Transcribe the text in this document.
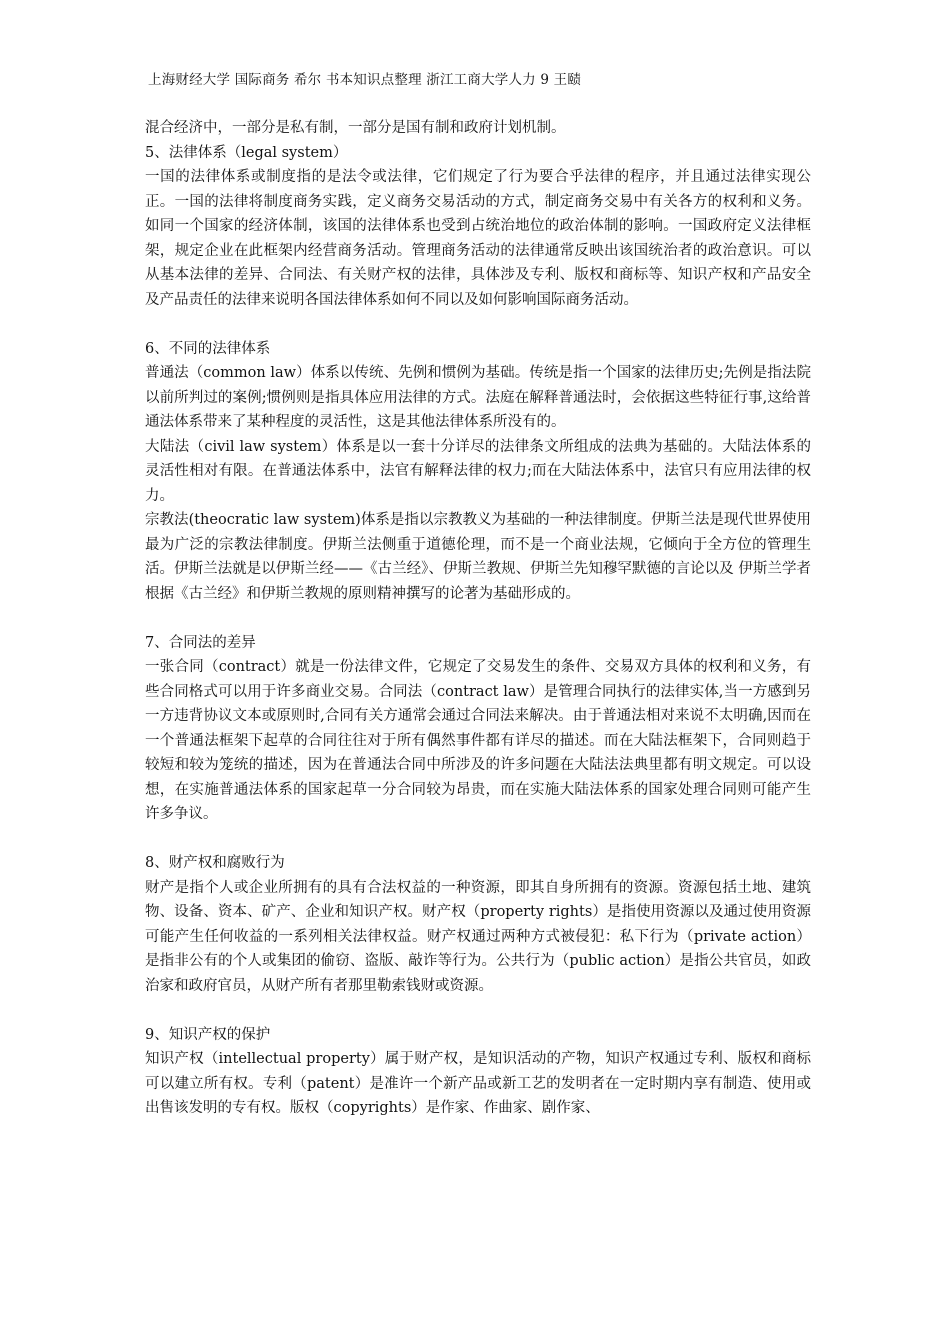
上海财经大学 国际商务 希尔 书本知识点整理 浙江工商大学人力 9 王赜

混合经济中，一部分是私有制，一部分是国有制和政府计划机制。

5、法律体系（legal system）

一国的法律体系或制度指的是法令或法律，它们规定了行为要合乎法律的程序，并且通过法律实现公正。一国的法律将制度商务实践，定义商务交易活动的方式，制定商务交易中有关各方的权利和义务。如同一个国家的经济体制，该国的法律体系也受到占统治地位的政治体制的影响。一国政府定义法律框架，规定企业在此框架内经营商务活动。管理商务活动的法律通常反映出该国统治者的政治意识。可以从基本法律的差异、合同法、有关财产权的法律，具体涉及专利、版权和商标等、知识产权和产品安全及产品责任的法律来说明各国法律体系如何不同以及如何影响国际商务活动。

6、不同的法律体系

普通法（common law）体系以传统、先例和惯例为基础。传统是指一个国家的法律历史;先例是指法院以前所判过的案例;惯例则是指具体应用法律的方式。法庭在解释普通法时，会依据这些特征行事,这给普通法体系带来了某种程度的灵活性，这是其他法律体系所没有的。

大陆法（civil law system）体系是以一套十分详尽的法律条文所组成的法典为基础的。大陆法体系的灵活性相对有限。在普通法体系中，法官有解释法律的权力;而在大陆法体系中，法官只有应用法律的权力。

宗教法(theocratic law system)体系是指以宗教教义为基础的一种法律制度。伊斯兰法是现代世界使用最为广泛的宗教法律制度。伊斯兰法侧重于道德伦理，而不是一个商业法规，它倾向于全方位的管理生活。伊斯兰法就是以伊斯兰经——《古兰经》、伊斯兰教规、伊斯兰先知穆罕默德的言论以及 伊斯兰学者根据《古兰经》和伊斯兰教规的原则精神撰写的论著为基础形成的。

7、合同法的差异

一张合同（contract）就是一份法律文件，它规定了交易发生的条件、交易双方具体的权利和义务，有些合同格式可以用于许多商业交易。合同法（contract law）是管理合同执行的法律实体,当一方感到另一方违背协议文本或原则时,合同有关方通常会通过合同法来解决。由于普通法相对来说不太明确,因而在一个普通法框架下起草的合同往往对于所有偶然事件都有详尽的描述。而在大陆法框架下，合同则趋于较短和较为笼统的描述，因为在普通法合同中所涉及的许多问题在大陆法法典里都有明文规定。可以设想，在实施普通法体系的国家起草一分合同较为昂贵，而在实施大陆法体系的国家处理合同则可能产生许多争议。

8、财产权和腐败行为

财产是指个人或企业所拥有的具有合法权益的一种资源，即其自身所拥有的资源。资源包括土地、建筑物、设备、资本、矿产、企业和知识产权。财产权（property rights）是指使用资源以及通过使用资源可能产生任何收益的一系列相关法律权益。财产权通过两种方式被侵犯：私下行为（private action）是指非公有的个人或集团的偷窃、盗版、敲诈等行为。公共行为（public action）是指公共官员，如政治家和政府官员，从财产所有者那里勒索钱财或资源。

9、知识产权的保护

知识产权（intellectual property）属于财产权，是知识活动的产物，知识产权通过专利、版权和商标可以建立所有权。专利（patent）是准许一个新产品或新工艺的发明者在一定时期内享有制造、使用或出售该发明的专有权。版权（copyrights）是作家、作曲家、剧作家、
